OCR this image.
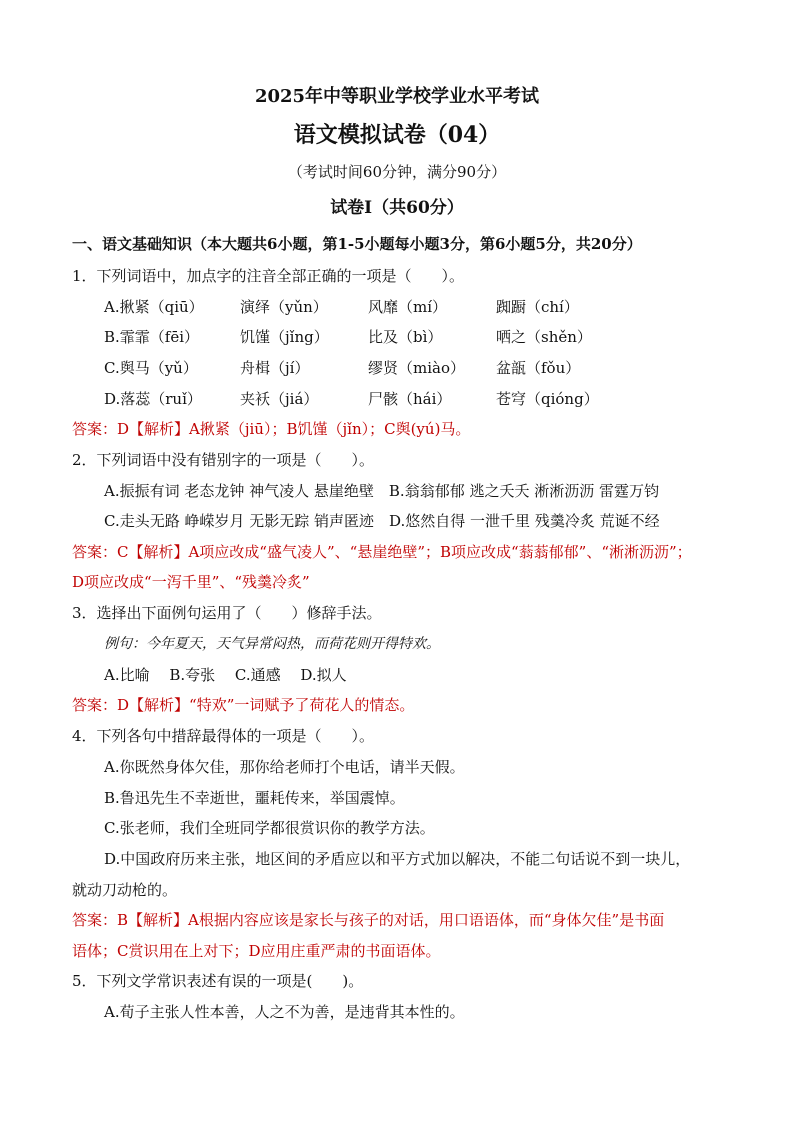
2025年中等职业学校学业水平考试
语文模拟试卷（04）
（考试时间60分钟，满分90分）
试卷Ⅰ（共60分）
一、语文基础知识（本大题共6小题，第1-5小题每小题3分，第6小题5分，共20分）
1．下列词语中，加点字的注音全部正确的一项是（　　）。
A.揪紧（qiū） 演绎（yǔn）	风靡（mí）	踟蹰（chí）
B.霏霏（fēi）	饥馑（jǐng）	比及（bì）	哂之（shěn）
C.舆马（yǔ）	舟楫（jí）	缪贤（miào） 盆瓿（fǒu）
D.落蕊（ruǐ）	夹袄（jiá）	尸骸（hái）	苍穹（qióng）
答案：D【解析】A揪紧（jiū）；B饥馑（jǐn）；C舆(yú)马。
2．下列词语中没有错别字的一项是（　　）。
A.振振有词 老态龙钟 神气凌人 悬崖绝壁　B.翁翁郁郁 逃之夭夭 淅淅沥沥 雷霆万钧
C.走头无路 峥嵘岁月 无影无踪 销声匿迹　D.悠然自得 一泄千里 残羹冷炙 荒诞不经
答案：C【解析】A项应改成“盛气凌人”、“悬崖绝壁”；B项应改成“蓊蓊郁郁”、“淅淅沥沥”；
D项应改成“一泻千里”、“残羹冷炙”
3．选择出下面例句运用了（　　）修辞手法。
例句：今年夏天，天气异常闷热，而荷花则开得特欢。
A.比喻　 B.夸张　 C.通感　 D.拟人
答案：D【解析】“特欢”一词赋予了荷花人的情态。
4．下列各句中措辞最得体的一项是（　　）。
A.你既然身体欠佳，那你给老师打个电话，请半天假。
B.鲁迅先生不幸逝世，噩耗传来，举国震悼。
C.张老师，我们全班同学都很赏识你的教学方法。
D.中国政府历来主张，地区间的矛盾应以和平方式加以解决，不能二句话说不到一块儿，
就动刀动枪的。
答案：B【解析】A根据内容应该是家长与孩子的对话，用口语语体，而“身体欠佳”是书面
语体；C赏识用在上对下；D应用庄重严肃的书面语体。
5．下列文学常识表述有误的一项是(　　)。
A.荀子主张人性本善，人之不为善，是违背其本性的。
